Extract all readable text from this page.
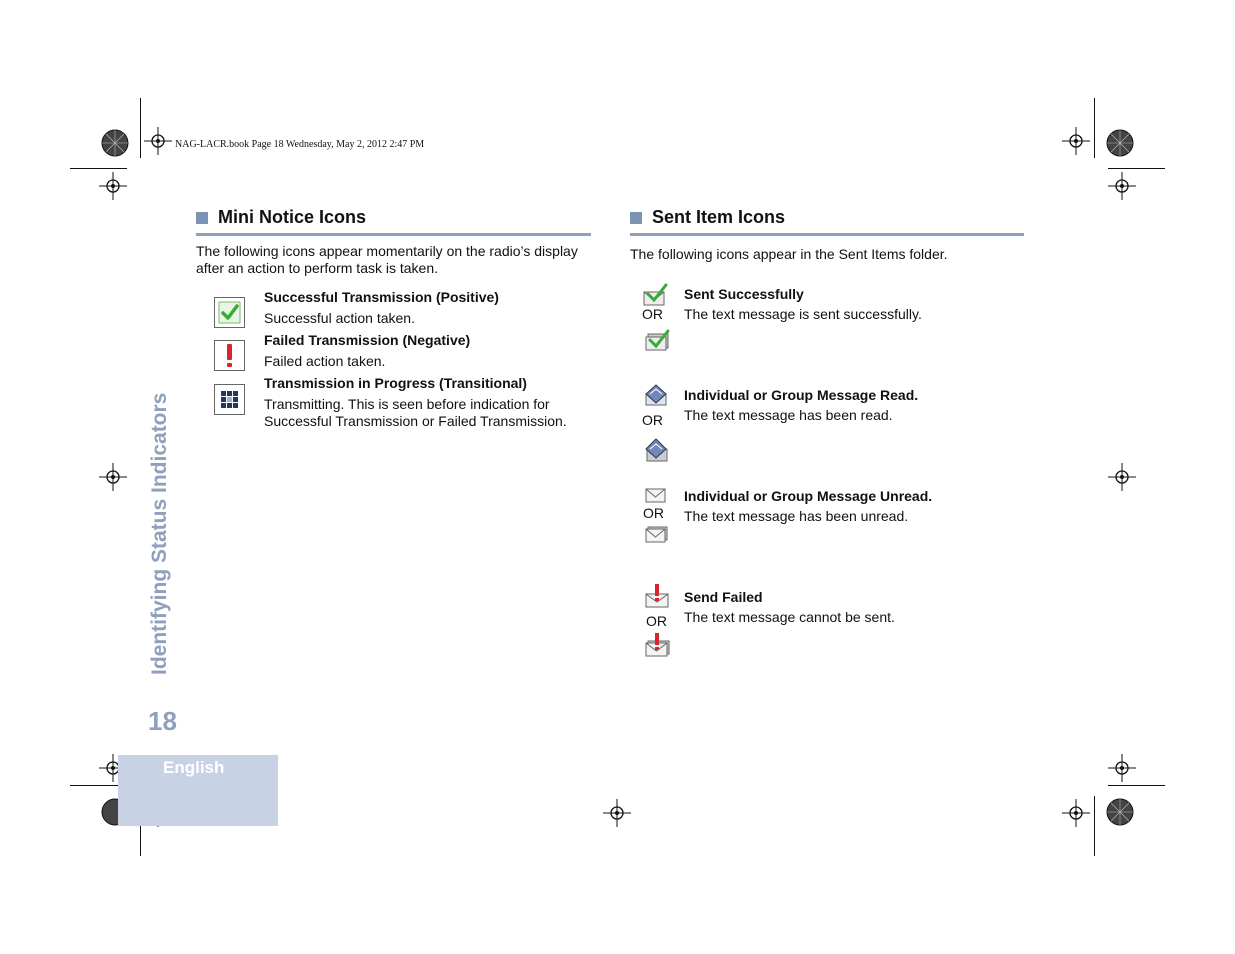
NAG-LACR.book Page 18 Wednesday, May 2, 2012 2:47 PM
Mini Notice Icons
The following icons appear momentarily on the radio’s display
after an action to perform task is taken.
Successful Transmission (Positive)
Successful action taken.
Failed Transmission (Negative)
Failed action taken.
Transmission in Progress (Transitional)
Transmitting. This is seen before indication for
Successful Transmission or Failed Transmission.
Sent Item Icons
The following icons appear in the Sent Items folder.
OR
Sent Successfully
The text message is sent successfully.
OR
Individual or Group Message Read.
The text message has been read.
OR
Individual or Group Message Unread.
The text message has been unread.
OR
Send Failed
The text message cannot be sent.
Identifying Status Indicators
18
English
